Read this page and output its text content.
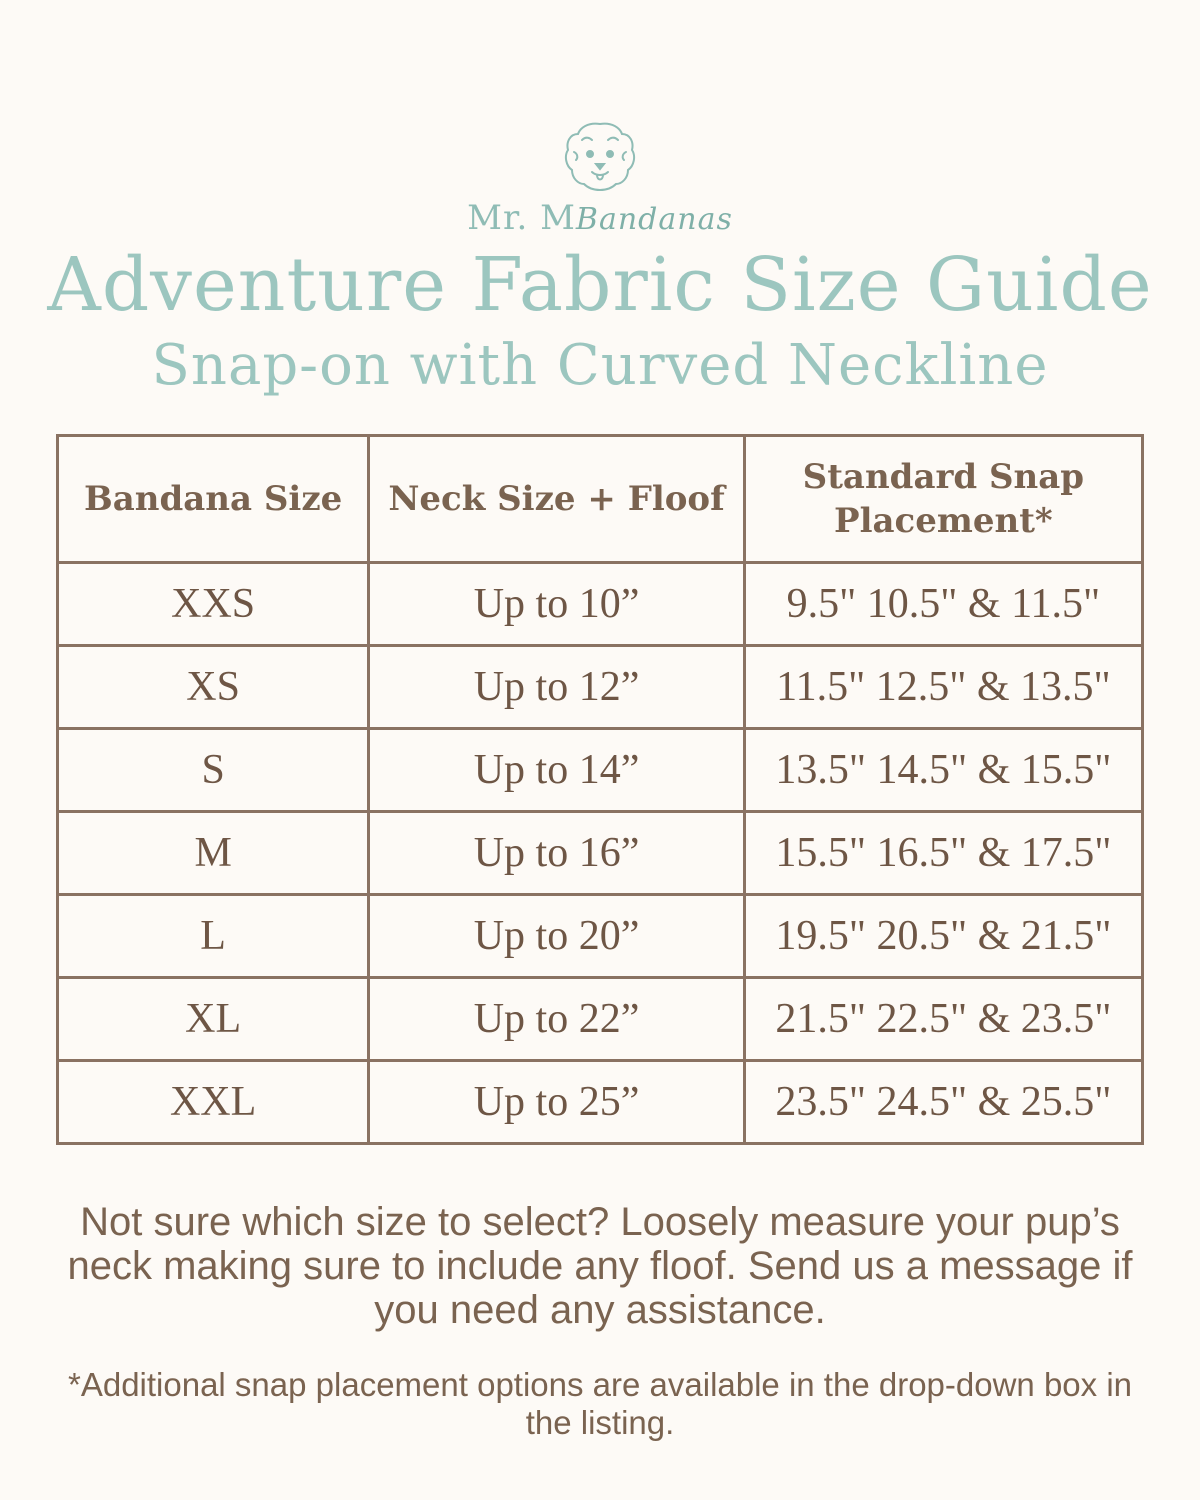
Mr. MBandanas
Adventure Fabric Size Guide
Snap-on with Curved Neckline
Bandana Size	Neck Size + Floof	Standard Snap Placement*
XXS	Up to 10”	9.5" 10.5" & 11.5"
XS	Up to 12”	11.5" 12.5" & 13.5"
S	Up to 14”	13.5" 14.5" & 15.5"
M	Up to 16”	15.5" 16.5" & 17.5"
L	Up to 20”	19.5" 20.5" & 21.5"
XL	Up to 22”	21.5" 22.5" & 23.5"
XXL	Up to 25”	23.5" 24.5" & 25.5"
Not sure which size to select? Loosely measure your pup’s neck making sure to include any floof. Send us a message if you need any assistance.
*Additional snap placement options are available in the drop-down box in the listing.
